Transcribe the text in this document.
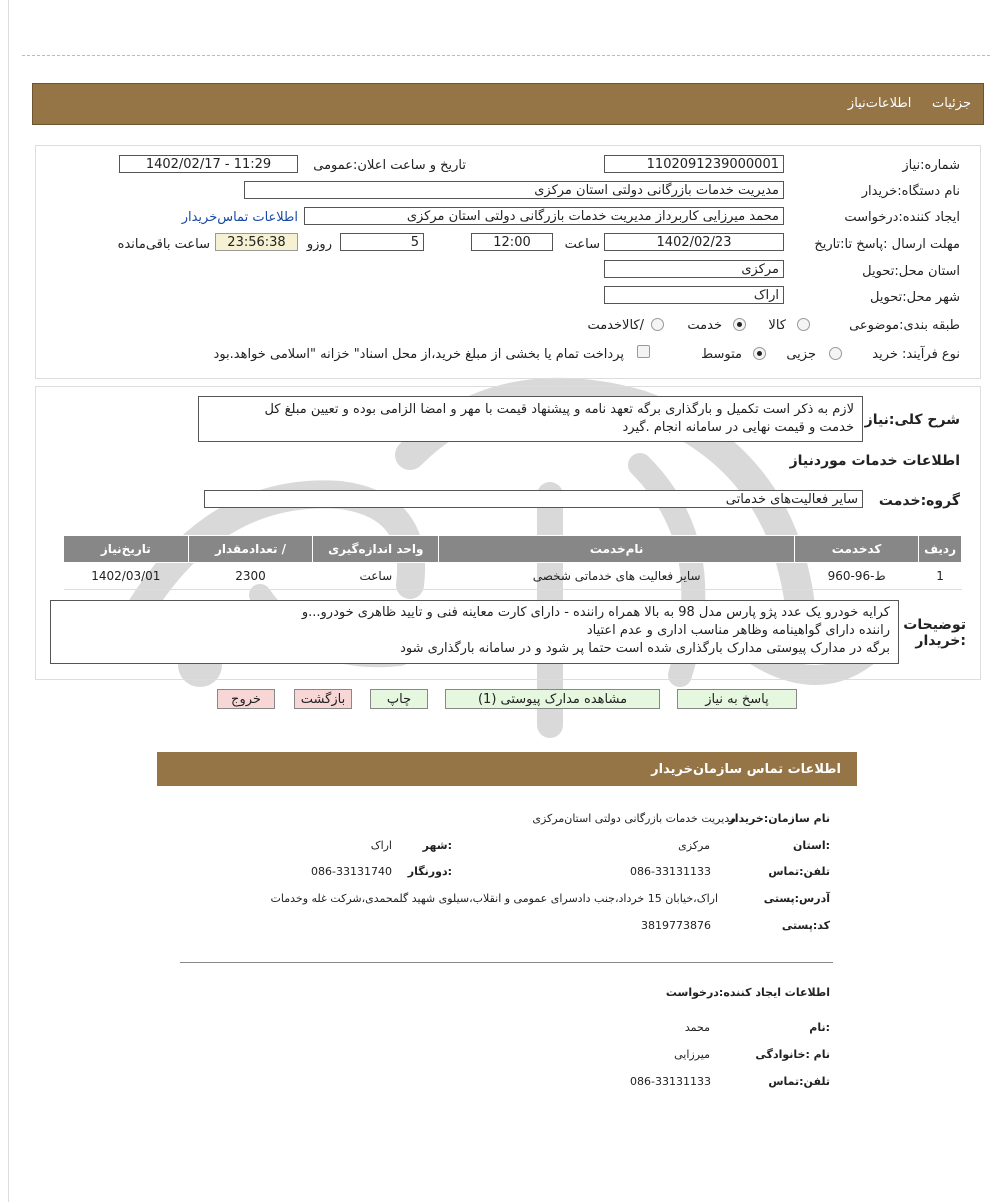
جزئیات     اطلاعات‌نیاز
شماره:نیاز
1102091239000001
تاریخ و ساعت اعلان:عمومی
1402/02/17 - 11:29
نام دستگاه:خریدار
مدیریت خدمات بازرگانی دولتی استان مرکزی
ایجاد کننده:درخواست
محمد میرزایی کاربرداز مدیریت خدمات بازرگانی دولتی استان مرکزی
اطلاعات تماس‌خریدار
مهلت ارسال :پاسخ تا:تاریخ
1402/02/23
ساعت
12:00
5
روزو
23:56:38
ساعت باقی‌مانده
استان محل:تحویل
مرکزی
شهر محل:تحویل
اراک
طبقه بندی:موضوعی
کالا
خدمت
/کالاخدمت
نوع فرآیند: خرید
جزیی
متوسط
پرداخت تمام یا بخشی از مبلغ خرید،از محل اسناد" خزانه "اسلامی خواهد.بود
شرح کلی:نیاز
لازم به ذکر است تکمیل و بارگذاری برگه تعهد نامه و پیشنهاد قیمت با مهر و امضا الزامی بوده و تعیین مبلغ کل
خدمت و قیمت نهایی در سامانه انجام .گیرد
اطلاعات خدمات موردنیاز
گروه:خدمت
سایر فعالیت‌های خدماتی
ردیف	کدخدمت	نام‌خدمت	واحد اندازه‌گیری	/ تعداد‌مقدار	تاریخ‌نیاز
1	ط-96-960	سایر فعالیت های خدماتی شخصی	ساعت	2300	1402/03/01
توضیحات
:خریدار
کرایه خودرو یک عدد پژو پارس مدل 98 به بالا همراه راننده - دارای کارت معاینه فنی و تایید ظاهری خودرو...و
راننده دارای گواهینامه وظاهر مناسب اداری و عدم اعتیاد
برگه در مدارک پیوستی مدارک بارگذاری شده است حتما پر شود و در سامانه بارگذاری شود
پاسخ به نیاز
مشاهده مدارک پیوستی (1)
چاپ
بازگشت
خروج
اطلاعات تماس سازمان‌خریدار
نام سازمان:خریدار
مدیریت خدمات بازرگانی دولتی استان‌مرکزی
:استان
مرکزی
:شهر
اراک
تلفن:تماس
086-33131133
:دورنگار
086-33131740
آدرس:پستی
اراک،خیابان 15 خرداد،جنب دادسرای عمومی و انقلاب،سیلوی شهید گلمحمدی،شرکت غله وخدمات
کد:پستی
3819773876
اطلاعات ایجاد کننده:درخواست
:نام
محمد
نام :خانوادگی
میرزایی
تلفن:تماس
086-33131133
